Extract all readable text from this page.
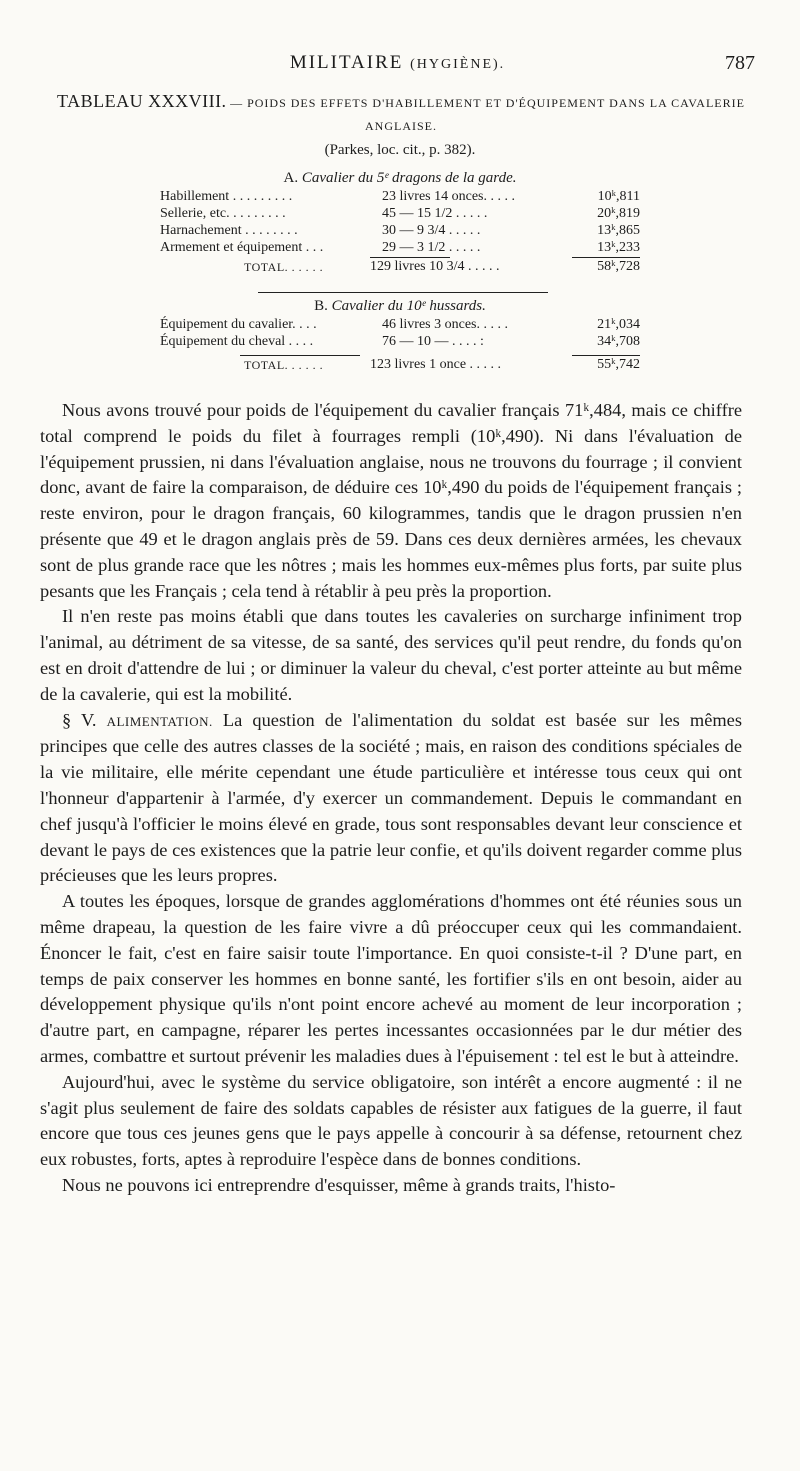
MILITAIRE (HYGIÈNE).	787
TABLEAU XXXVIII. — POIDS DES EFFETS D'HABILLEMENT ET D'ÉQUIPEMENT DANS LA CAVALERIE
ANGLAISE.
(Parkes, loc. cit., p. 382).
A. Cavalier du 5ᵉ dragons de la garde.
Habillement . . . . . . . . .	23 livres 14 onces. . . . .	10ᵏ,811
Sellerie, etc. . . . . . . . .	45 — 15 1/2 . . . . .	20ᵏ,819
Harnachement . . . . . . . .	30 — 9 3/4 . . . . .	13ᵏ,865
Armement et équipement . . .	29 — 3 1/2 . . . . .	13ᵏ,233
TOTAL. . . . . .	129 livres 10 3/4 . . . . .	58ᵏ,728
B. Cavalier du 10ᵉ hussards.
Équipement du cavalier. . . .	46 livres 3 onces. . . . .	21ᵏ,034
Équipement du cheval . . . .	76 — 10 — . . . . :	34ᵏ,708
TOTAL. . . . . .	123 livres 1 once . . . . .	55ᵏ,742

Nous avons trouvé pour poids de l'équipement du cavalier français 71ᵏ,484, mais ce chiffre total comprend le poids du filet à fourrages rempli (10ᵏ,490). Ni dans l'évaluation de l'équipement prussien, ni dans l'évaluation anglaise, nous ne trouvons du fourrage ; il convient donc, avant de faire la comparaison, de déduire ces 10ᵏ,490 du poids de l'équipement français ; reste environ, pour le dragon français, 60 kilogrammes, tandis que le dragon prussien n'en présente que 49 et le dragon anglais près de 59. Dans ces deux dernières armées, les chevaux sont de plus grande race que les nôtres ; mais les hommes eux-mêmes plus forts, par suite plus pesants que les Français ; cela tend à rétablir à peu près la proportion.

Il n'en reste pas moins établi que dans toutes les cavaleries on surcharge infiniment trop l'animal, au détriment de sa vitesse, de sa santé, des services qu'il peut rendre, du fonds qu'on est en droit d'attendre de lui ; or diminuer la valeur du cheval, c'est porter atteinte au but même de la cavalerie, qui est la mobilité.

§ V. ALIMENTATION. La question de l'alimentation du soldat est basée sur les mêmes principes que celle des autres classes de la société ; mais, en raison des conditions spéciales de la vie militaire, elle mérite cependant une étude particulière et intéresse tous ceux qui ont l'honneur d'appartenir à l'armée, d'y exercer un commandement. Depuis le commandant en chef jusqu'à l'officier le moins élevé en grade, tous sont responsables devant leur conscience et devant le pays de ces existences que la patrie leur confie, et qu'ils doivent regarder comme plus précieuses que les leurs propres.

A toutes les époques, lorsque de grandes agglomérations d'hommes ont été réunies sous un même drapeau, la question de les faire vivre a dû préoccuper ceux qui les commandaient. Énoncer le fait, c'est en faire saisir toute l'importance. En quoi consiste-t-il ? D'une part, en temps de paix conserver les hommes en bonne santé, les fortifier s'ils en ont besoin, aider au développement physique qu'ils n'ont point encore achevé au moment de leur incorporation ; d'autre part, en campagne, réparer les pertes incessantes occasionnées par le dur métier des armes, combattre et surtout prévenir les maladies dues à l'épuisement : tel est le but à atteindre.

Aujourd'hui, avec le système du service obligatoire, son intérêt a encore augmenté : il ne s'agit plus seulement de faire des soldats capables de résister aux fatigues de la guerre, il faut encore que tous ces jeunes gens que le pays appelle à concourir à sa défense, retournent chez eux robustes, forts, aptes à reproduire l'espèce dans de bonnes conditions.

Nous ne pouvons ici entreprendre d'esquisser, même à grands traits, l'histo-
